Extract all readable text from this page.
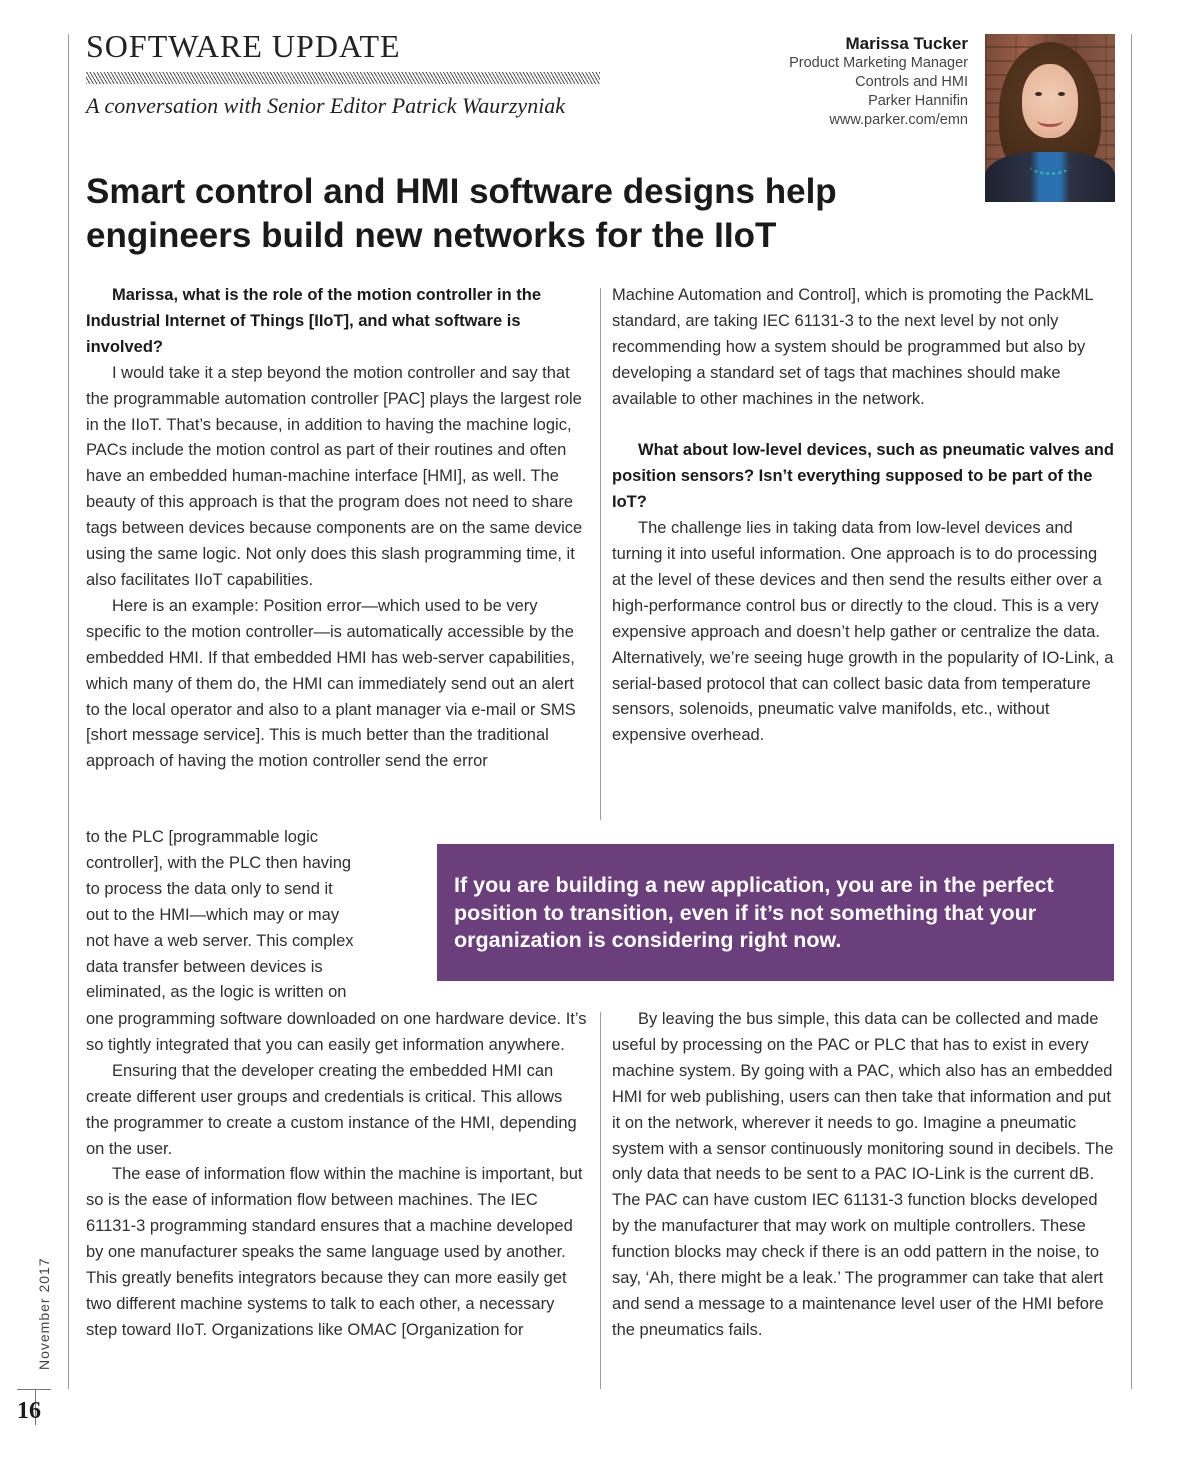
SOFTWARE UPDATE
A conversation with Senior Editor Patrick Waurzyniak
Marissa Tucker
Product Marketing Manager
Controls and HMI
Parker Hannifin
www.parker.com/emn
Smart control and HMI software designs help engineers build new networks for the IIoT

Marissa, what is the role of the motion controller in the Industrial Internet of Things [IIoT], and what software is involved?

I would take it a step beyond the motion controller and say that the programmable automation controller [PAC] plays the largest role in the IIoT. That’s because, in addition to having the machine logic, PACs include the motion control as part of their routines and often have an embedded human-machine interface [HMI], as well. The beauty of this approach is that the program does not need to share tags between devices because components are on the same device using the same logic. Not only does this slash programming time, it also facilitates IIoT capabilities.

Here is an example: Position error—which used to be very specific to the motion controller—is automatically accessible by the embedded HMI. If that embedded HMI has web-server capabilities, which many of them do, the HMI can immediately send out an alert to the local operator and also to a plant manager via e-mail or SMS [short message service]. This is much better than the traditional approach of having the motion controller send the error

to the PLC [programmable logic
controller], with the PLC then having
to process the data only to send it
out to the HMI—which may or may
not have a web server. This complex
data transfer between devices is
eliminated, as the logic is written on

one programming software downloaded on one hardware device. It’s so tightly integrated that you can easily get information anywhere.

Ensuring that the developer creating the embedded HMI can create different user groups and credentials is critical. This allows the programmer to create a custom instance of the HMI, depending on the user.

The ease of information flow within the machine is important, but so is the ease of information flow between machines. The IEC 61131-3 programming standard ensures that a machine developed by one manufacturer speaks the same language used by another. This greatly benefits integrators because they can more easily get two different machine systems to talk to each other, a necessary step toward IIoT. Organizations like OMAC [Organization for

Machine Automation and Control], which is promoting the PackML standard, are taking IEC 61131-3 to the next level by not only recommending how a system should be programmed but also by developing a standard set of tags that machines should make available to other machines in the network.

What about low-level devices, such as pneumatic valves and position sensors? Isn’t everything supposed to be part of the IoT?

The challenge lies in taking data from low-level devices and turning it into useful information. One approach is to do processing at the level of these devices and then send the results either over a high-performance control bus or directly to the cloud. This is a very expensive approach and doesn’t help gather or centralize the data. Alternatively, we’re seeing huge growth in the popularity of IO-Link, a serial-based protocol that can collect basic data from temperature sensors, solenoids, pneumatic valve manifolds, etc., without expensive overhead.

By leaving the bus simple, this data can be collected and made useful by processing on the PAC or PLC that has to exist in every machine system. By going with a PAC, which also has an embedded HMI for web publishing, users can then take that information and put it on the network, wherever it needs to go. Imagine a pneumatic system with a sensor continuously monitoring sound in decibels. The only data that needs to be sent to a PAC IO-Link is the current dB. The PAC can have custom IEC 61131-3 function blocks developed by the manufacturer that may work on multiple controllers. These function blocks may check if there is an odd pattern in the noise, to say, ‘Ah, there might be a leak.’ The programmer can take that alert and send a message to a maintenance level user of the HMI before the pneumatics fails.

If you are building a new application, you are in the perfect position to transition, even if it’s not something that your organization is considering right now.

November 2017
16
